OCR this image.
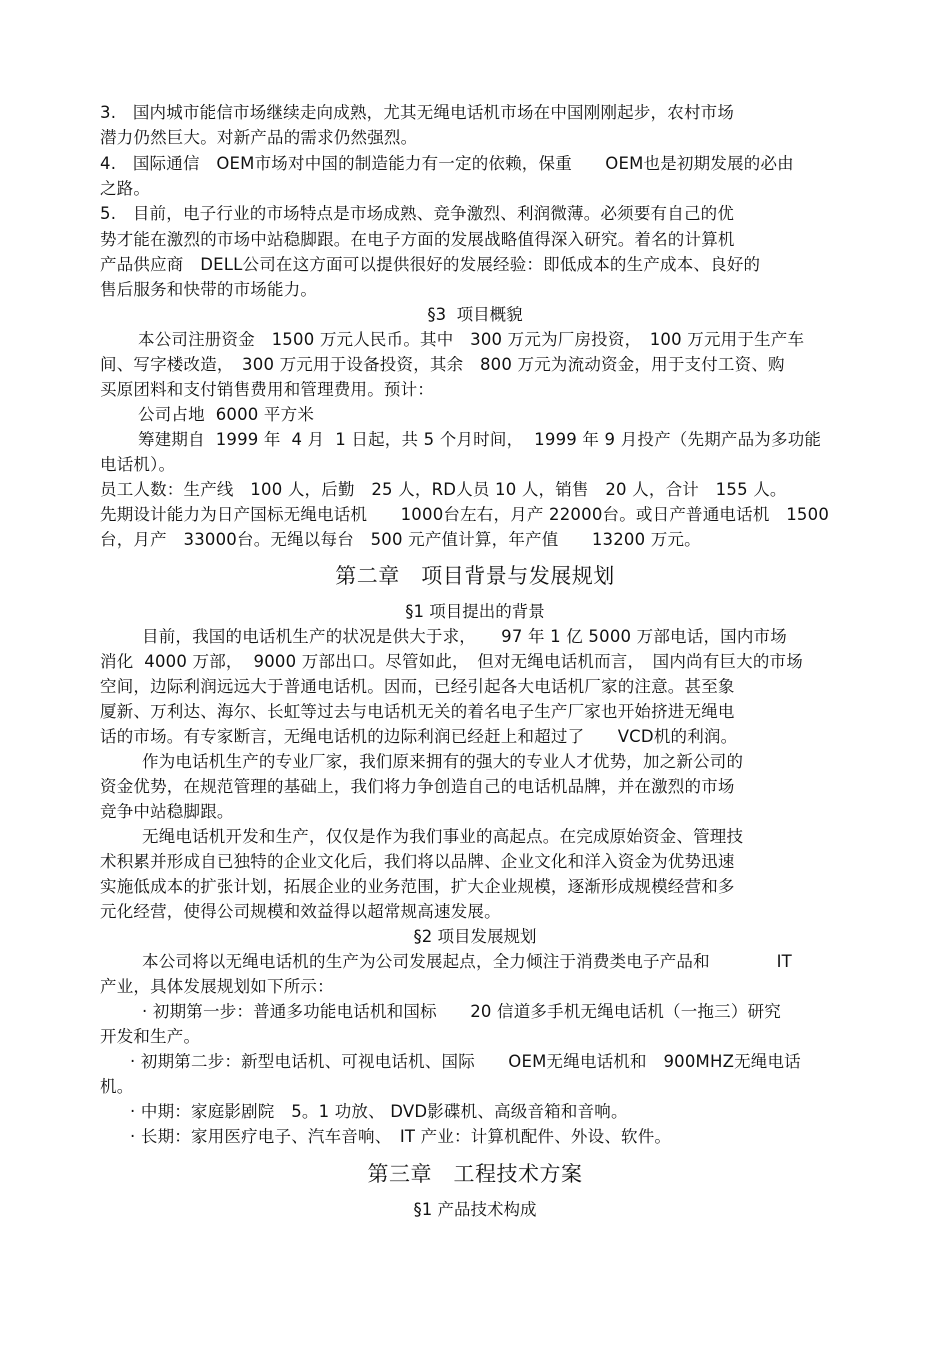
3.　国内城市能信市场继续走向成熟，尤其无绳电话机市场在中国刚刚起步，农村市场
潜力仍然巨大。对新产品的需求仍然强烈。
4.　国际通信　OEM市场对中国的制造能力有一定的依赖，保重　　OEM也是初期发展的必由
之路。
5.　目前，电子行业的市场特点是市场成熟、竞争激烈、利润微薄。必须要有自己的优
势才能在激烈的市场中站稳脚跟。在电子方面的发展战略值得深入研究。着名的计算机
产品供应商　DELL公司在这方面可以提供很好的发展经验：即低成本的生产成本、良好的
售后服务和快带的市场能力。
§3  项目概貌
本公司注册资金　1500 万元人民币。其中　300 万元为厂房投资，　100 万元用于生产车
间、写字楼改造，　300 万元用于设备投资，其余　800 万元为流动资金，用于支付工资、购
买原团料和支付销售费用和管理费用。预计：
公司占地  6000 平方米
筹建期自  1999 年  4 月  1 日起，共 5 个月时间，  1999 年 9 月投产（先期产品为多功能
电话机）。
员工人数：生产线　100 人，后勤　25 人，RD人员 10 人，销售　20 人，合计　155 人。
先期设计能力为日产国标无绳电话机　　1000台左右，月产 22000台。或日产普通电话机　1500
台，月产　33000台。无绳以每台　500 元产值计算，年产值　　13200 万元。
第二章　项目背景与发展规划
§1 项目提出的背景
目前，我国的电话机生产的状况是供大于求，　　97 年 1 亿 5000 万部电话，国内市场
消化  4000 万部，  9000 万部出口。尽管如此，　但对无绳电话机而言，　国内尚有巨大的市场
空间，边际利润远远大于普通电话机。因而，已经引起各大电话机厂家的注意。甚至象
厦新、万利达、海尔、长虹等过去与电话机无关的着名电子生产厂家也开始挤进无绳电
话的市场。有专家断言，无绳电话机的边际利润已经赶上和超过了　　VCD机的利润。
作为电话机生产的专业厂家，我们原来拥有的强大的专业人才优势，加之新公司的
资金优势，在规范管理的基础上，我们将力争创造自己的电话机品牌，并在激烈的市场
竞争中站稳脚跟。
无绳电话机开发和生产，仅仅是作为我们事业的高起点。在完成原始资金、管理技
术积累并形成自已独特的企业文化后，我们将以品牌、企业文化和洋入资金为优势迅速
实施低成本的扩张计划，拓展企业的业务范围，扩大企业规模，逐渐形成规模经营和多
元化经营，使得公司规模和效益得以超常规高速发展。
§2 项目发展规划
本公司将以无绳电话机的生产为公司发展起点，全力倾注于消费类电子产品和　　　　IT
产业，具体发展规划如下所示：
· 初期第一步：普通多功能电话机和国标　　20 信道多手机无绳电话机（一拖三）研究
开发和生产。
· 初期第二步：新型电话机、可视电话机、国际　　OEM无绳电话机和　900MHZ无绳电话
机。
· 中期：家庭影剧院　5。1 功放、 DVD影碟机、高级音箱和音响。
· 长期：家用医疗电子、汽车音响、　IT 产业：计算机配件、外设、软件。
第三章　工程技术方案
§1 产品技术构成
